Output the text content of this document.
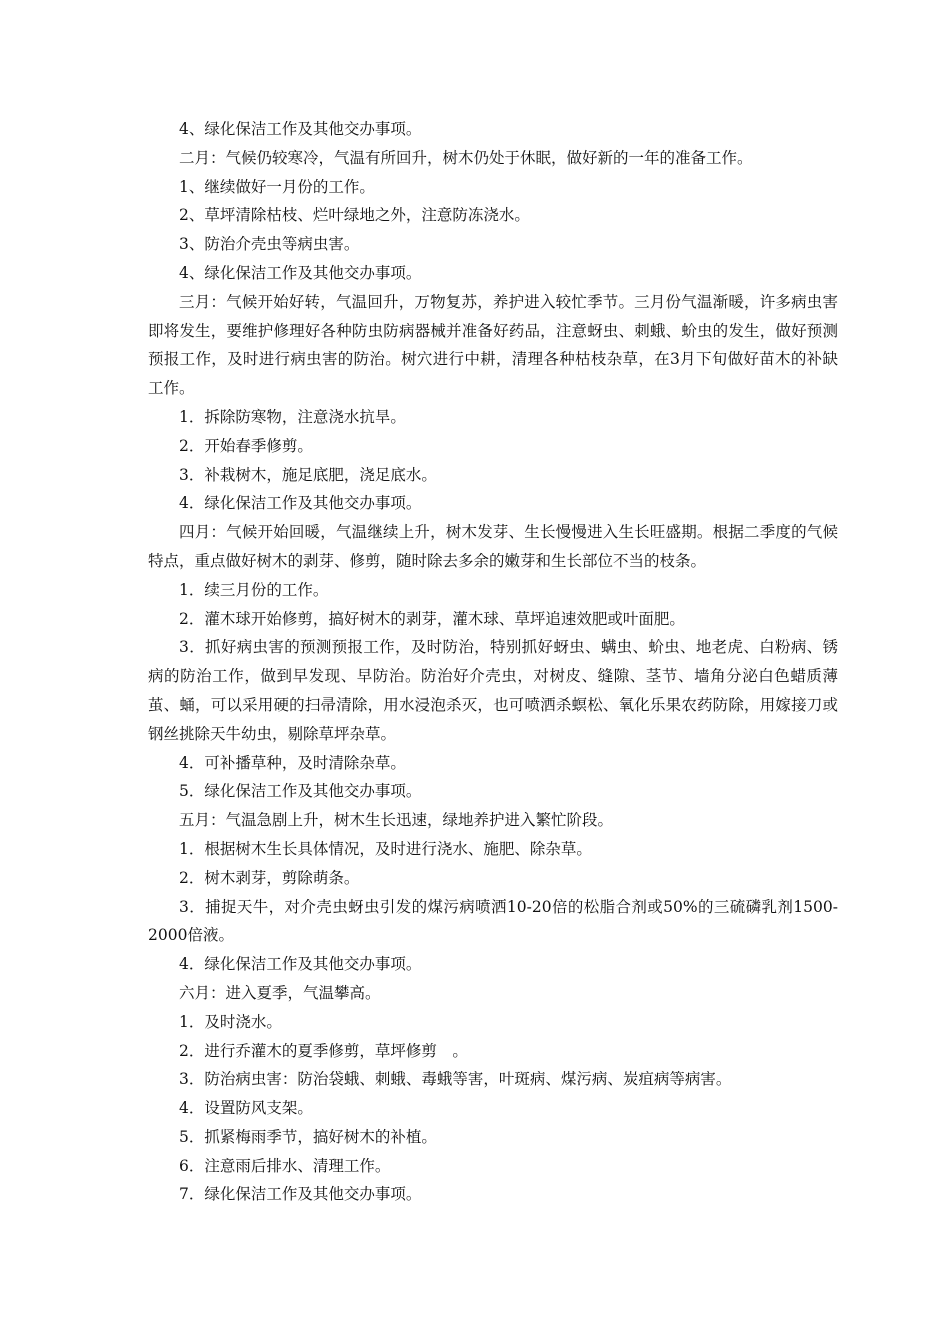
4、绿化保洁工作及其他交办事项。

二月：气候仍较寒冷，气温有所回升，树木仍处于休眠，做好新的一年的准备工作。

1、继续做好一月份的工作。

2、草坪清除枯枝、烂叶绿地之外，注意防冻浇水。

3、防治介壳虫等病虫害。

4、绿化保洁工作及其他交办事项。

三月：气候开始好转，气温回升，万物复苏，养护进入较忙季节。三月份气温渐暖，许多病虫害即将发生，要维护修理好各种防虫防病器械并准备好药品，注意蚜虫、刺蛾、蚧虫的发生，做好预测预报工作，及时进行病虫害的防治。树穴进行中耕，清理各种枯枝杂草，在3月下旬做好苗木的补缺工作。

1．拆除防寒物，注意浇水抗旱。

2．开始春季修剪。

3．补栽树木，施足底肥，浇足底水。

4．绿化保洁工作及其他交办事项。

四月：气候开始回暖，气温继续上升，树木发芽、生长慢慢进入生长旺盛期。根据二季度的气候特点，重点做好树木的剥芽、修剪，随时除去多余的嫩芽和生长部位不当的枝条。

1．续三月份的工作。

2．灌木球开始修剪，搞好树木的剥芽，灌木球、草坪追速效肥或叶面肥。

3．抓好病虫害的预测预报工作，及时防治，特别抓好蚜虫、螨虫、蚧虫、地老虎、白粉病、锈病的防治工作，做到早发现、早防治。防治好介壳虫，对树皮、缝隙、茎节、墙角分泌白色蜡质薄茧、蛹，可以采用硬的扫帚清除，用水浸泡杀灭，也可喷洒杀螟松、氧化乐果农药防除，用嫁接刀或钢丝挑除天牛幼虫，剔除草坪杂草。

4．可补播草种，及时清除杂草。

5．绿化保洁工作及其他交办事项。

五月：气温急剧上升，树木生长迅速，绿地养护进入繁忙阶段。

1．根据树木生长具体情况，及时进行浇水、施肥、除杂草。

2．树木剥芽，剪除萌条。

3．捕捉天牛，对介壳虫蚜虫引发的煤污病喷洒10-20倍的松脂合剂或50%的三硫磷乳剂1500-2000倍液。

4．绿化保洁工作及其他交办事项。

六月：进入夏季，气温攀高。

1．及时浇水。

2．进行乔灌木的夏季修剪，草坪修剪　。

3．防治病虫害：防治袋蛾、刺蛾、毒蛾等害，叶斑病、煤污病、炭疽病等病害。

4．设置防风支架。

5．抓紧梅雨季节，搞好树木的补植。

6．注意雨后排水、清理工作。

7．绿化保洁工作及其他交办事项。
